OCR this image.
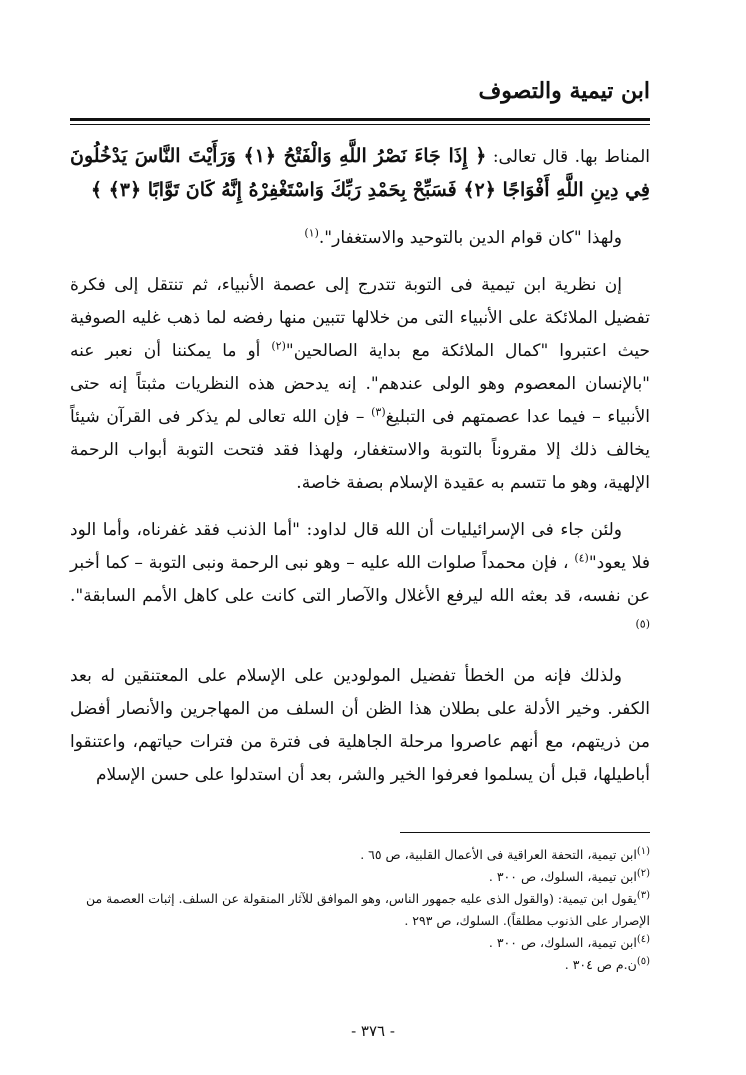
ابن تيمية والتصوف

المناط بها. قال تعالى: ﴿ إِذَا جَاءَ نَصْرُ اللَّهِ وَالْفَتْحُ ﴿١﴾ وَرَأَيْتَ النَّاسَ يَدْخُلُونَ فِي دِينِ اللَّهِ أَفْوَاجًا ﴿٢﴾ فَسَبِّحْ بِحَمْدِ رَبِّكَ وَاسْتَغْفِرْهُ إِنَّهُ كَانَ تَوَّابًا ﴿٣﴾ ﴾

ولهذا "كان قوام الدين بالتوحيد والاستغفار".$^{(١)}$

إن نظرية ابن تيمية فى التوبة تتدرج إلى عصمة الأنبياء، ثم تنتقل إلى فكرة تفضيل الملائكة على الأنبياء التى من خلالها تتبين منها رفضه لما ذهب غليه الصوفية حيث اعتبروا "كمال الملائكة مع بداية الصالحين"$^{(٢)}$ أو ما يمكننا أن نعبر عنه "بالإنسان المعصوم وهو الولى عندهم". إنه يدحض هذه النظريات مثبتاً إنه حتى الأنبياء – فيما عدا عصمتهم فى التبليغ$^{(٣)}$ – فإن الله تعالى لم يذكر فى القرآن شيئاً يخالف ذلك إلا مقروناً بالتوبة والاستغفار، ولهذا فقد فتحت التوبة أبواب الرحمة الإلهية، وهو ما تتسم به عقيدة الإسلام بصفة خاصة.

ولئن جاء فى الإسرائيليات أن الله قال لداود: "أما الذنب فقد غفرناه، وأما الود فلا يعود"$^{(٤)}$ ، فإن محمداً صلوات الله عليه – وهو نبى الرحمة ونبى التوبة – كما أخبر عن نفسه، قد بعثه الله ليرفع الأغلال والآصار التى كانت على كاهل الأمم السابقة".$^{(٥)}$

ولذلك فإنه من الخطأ تفضيل المولودين على الإسلام على المعتنقين له بعد الكفر. وخير الأدلة على بطلان هذا الظن أن السلف من المهاجرين والأنصار أفضل من ذريتهم، مع أنهم عاصروا مرحلة الجاهلية فى فترة من فترات حياتهم، واعتنقوا أباطيلها، قبل أن يسلموا فعرفوا الخير والشر، بعد أن استدلوا على حسن الإسلام

$^{(١)}$ابن تيمية، التحفة العراقية فى الأعمال القلبية، ص ٦٥ .

$^{(٢)}$ابن تيمية، السلوك، ص ٣٠٠ .

$^{(٣)}$يقول ابن تيمية: (والقول الذى عليه جمهور الناس، وهو الموافق للآثار المنقولة عن السلف. إثبات العصمة من الإصرار على الذنوب مطلقاً). السلوك، ص ٢٩٣ .

$^{(٤)}$ابن تيمية، السلوك، ص ٣٠٠ .

$^{(٥)}$ن.م ص ٣٠٤ .

- ٣٧٦ -
